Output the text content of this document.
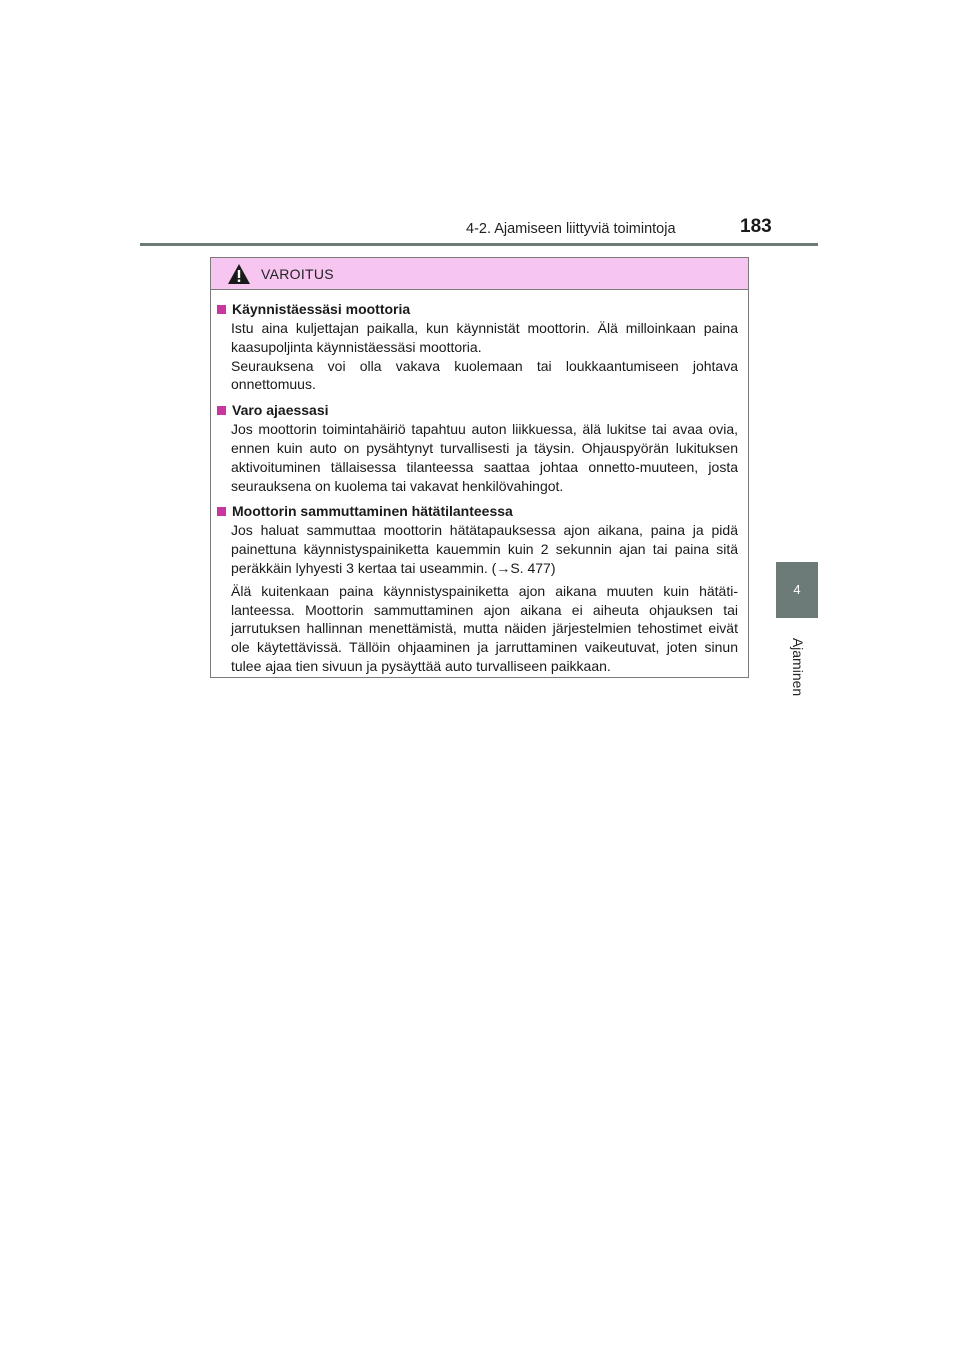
4-2. Ajamiseen liittyviä toimintoja	183
4
Ajaminen
VAROITUS
Käynnistäessäsi moottoria
Istu aina kuljettajan paikalla, kun käynnistät moottorin. Älä milloinkaan paina kaasupoljinta käynnistäessäsi moottoria.
Seurauksena voi olla vakava kuolemaan tai loukkaantumiseen johtava onnettomuus.
Varo ajaessasi
Jos moottorin toimintahäiriö tapahtuu auton liikkuessa, älä lukitse tai avaa ovia, ennen kuin auto on pysähtynyt turvallisesti ja täysin. Ohjauspyörän lukituksen aktivoituminen tällaisessa tilanteessa saattaa johtaa onnetto-muuteen, josta seurauksena on kuolema tai vakavat henkilövahingot.
Moottorin sammuttaminen hätätilanteessa
Jos haluat sammuttaa moottorin hätätapauksessa ajon aikana, paina ja pidä painettuna käynnistyspainiketta kauemmin kuin 2 sekunnin ajan tai paina sitä peräkkäin lyhyesti 3 kertaa tai useammin. (→S. 477)
Älä kuitenkaan paina käynnistyspainiketta ajon aikana muuten kuin hätäti-lanteessa. Moottorin sammuttaminen ajon aikana ei aiheuta ohjauksen tai jarrutuksen hallinnan menettämistä, mutta näiden järjestelmien tehostimet eivät ole käytettävissä. Tällöin ohjaaminen ja jarruttaminen vaikeutuvat, joten sinun tulee ajaa tien sivuun ja pysäyttää auto turvalliseen paikkaan.
